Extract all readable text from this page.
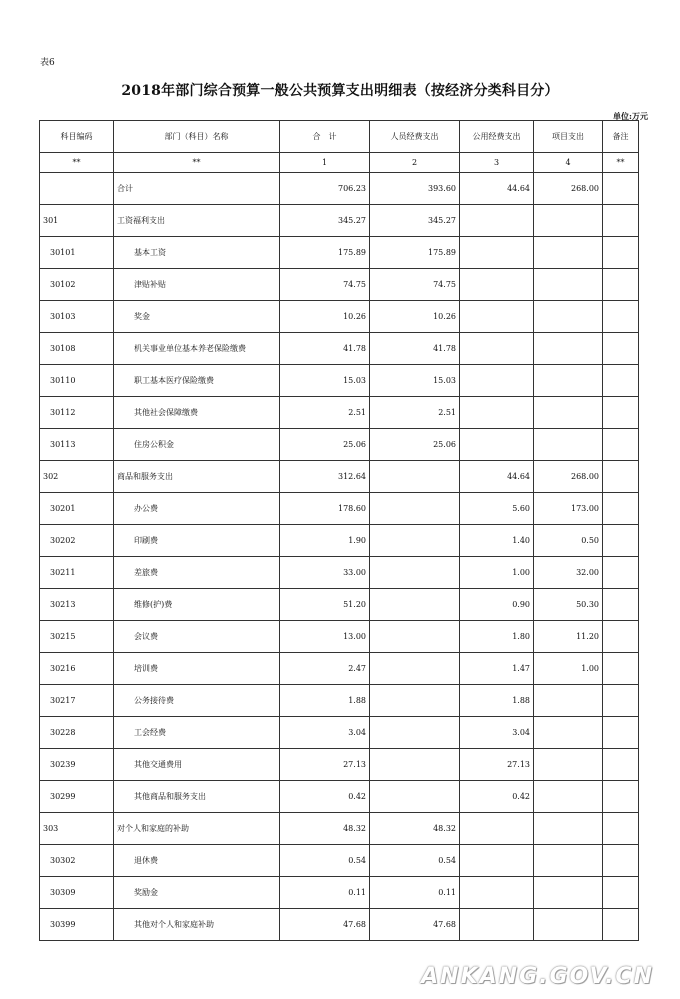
表6
2018年部门综合预算一般公共预算支出明细表（按经济分类科目分）
单位:万元
科目编码	部门（科目）名称	合　计	人员经费支出	公用经费支出	项目支出	备注
**	**	1	2	3	4	**
	合计	706.23	393.60	44.64	268.00	
301	工资福利支出	345.27	345.27			
30101	基本工资	175.89	175.89			
30102	津贴补贴	74.75	74.75			
30103	奖金	10.26	10.26			
30108	机关事业单位基本养老保险缴费	41.78	41.78			
30110	职工基本医疗保险缴费	15.03	15.03			
30112	其他社会保障缴费	2.51	2.51			
30113	住房公积金	25.06	25.06			
302	商品和服务支出	312.64		44.64	268.00	
30201	办公费	178.60		5.60	173.00	
30202	印刷费	1.90		1.40	0.50	
30211	差旅费	33.00		1.00	32.00	
30213	维修(护)费	51.20		0.90	50.30	
30215	会议费	13.00		1.80	11.20	
30216	培训费	2.47		1.47	1.00	
30217	公务接待费	1.88		1.88		
30228	工会经费	3.04		3.04		
30239	其他交通费用	27.13		27.13		
30299	其他商品和服务支出	0.42		0.42		
303	对个人和家庭的补助	48.32	48.32			
30302	退休费	0.54	0.54			
30309	奖励金	0.11	0.11			
30399	其他对个人和家庭补助	47.68	47.68			
ANKANG.GOV.CN
